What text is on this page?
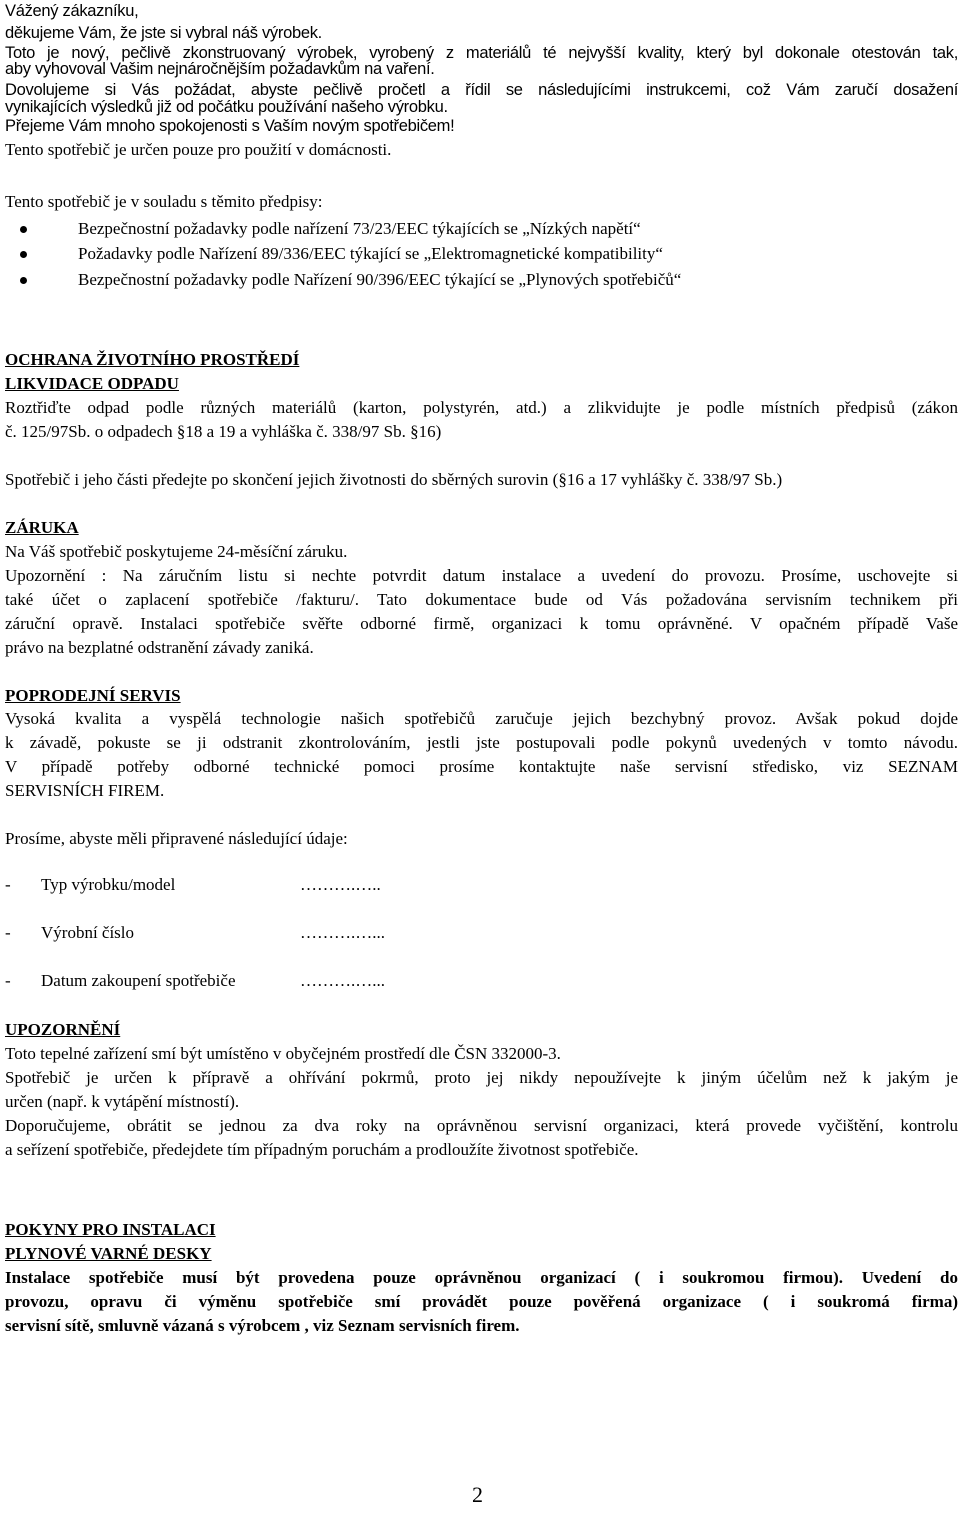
Vážený zákazníku,
děkujeme Vám, že jste si vybral náš výrobek.
Toto je nový, pečlivě zkonstruovaný výrobek, vyrobený z materiálů té nejvyšší kvality, který byl dokonale otestován tak,
aby vyhovoval Vašim nejnáročnějším požadavkům na vaření.
Dovolujeme si Vás požádat, abyste pečlivě pročetl a řídil se následujícími instrukcemi, což Vám zaručí dosažení
vynikajících výsledků již od počátku používání našeho výrobku.
Přejeme Vám mnoho spokojenosti s Vaším novým spotřebičem!
Tento spotřebič je určen pouze pro použití v domácnosti.
Tento spotřebič je v souladu s těmito předpisy:
Bezpečnostní požadavky podle nařízení 73/23/EEC týkajících se „Nízkých napětí“
Požadavky podle Nařízení 89/336/EEC týkající se „Elektromagnetické kompatibility“
Bezpečnostní požadavky podle Nařízení 90/396/EEC týkající se „Plynových spotřebičů“
OCHRANA ŽIVOTNÍHO PROSTŘEDÍ
LIKVIDACE ODPADU
Roztřiďte odpad podle různých materiálů (karton, polystyrén, atd.) a zlikvidujte je podle místních předpisů (zákon
č. 125/97Sb. o odpadech §18 a 19 a vyhláška č. 338/97 Sb. §16)
Spotřebič i jeho části předejte po skončení jejich životnosti do sběrných surovin (§16 a 17 vyhlášky č. 338/97 Sb.)
ZÁRUKA
Na Váš spotřebič poskytujeme 24-měsíční záruku.
Upozornění : Na záručním listu si nechte potvrdit datum instalace a uvedení do provozu. Prosíme, uschovejte si
také účet o zaplacení spotřebiče /fakturu/. Tato dokumentace bude od Vás požadována servisním technikem při
záruční opravě. Instalaci spotřebiče svěřte odborné firmě, organizaci k tomu oprávněné. V opačném případě Vaše
právo na bezplatné odstranění závady zaniká.
POPRODEJNÍ SERVIS
Vysoká kvalita a vyspělá technologie našich spotřebičů zaručuje jejich bezchybný provoz. Avšak pokud dojde
k závadě, pokuste se ji odstranit zkontrolováním, jestli jste postupovali podle pokynů uvedených v tomto návodu.
V případě potřeby odborné technické pomoci prosíme kontaktujte naše servisní středisko, viz SEZNAM
SERVISNÍCH FIREM.
Prosíme, abyste měli připravené následující údaje:
- Typ výrobku/model	……….…..
- Výrobní číslo	……….…...
- Datum zakoupení spotřebiče	……….…...
UPOZORNĚNÍ
Toto tepelné zařízení smí být umístěno v obyčejném prostředí dle ČSN 332000-3.
Spotřebič je určen k přípravě a ohřívání pokrmů, proto jej nikdy nepoužívejte k jiným účelům než k jakým je
určen (např. k vytápění místností).
Doporučujeme, obrátit se jednou za dva roky na oprávněnou servisní organizaci, která provede vyčištění, kontrolu
a seřízení spotřebiče, předejdete tím případným poruchám a prodloužíte životnost spotřebiče.
POKYNY PRO INSTALACI
PLYNOVÉ VARNÉ DESKY
Instalace spotřebiče musí být provedena pouze oprávněnou organizací ( i soukromou firmou). Uvedení do
provozu, opravu či výměnu spotřebiče smí provádět pouze pověřená organizace ( i soukromá firma)
servisní sítě, smluvně vázaná s výrobcem , viz Seznam servisních firem.
2
